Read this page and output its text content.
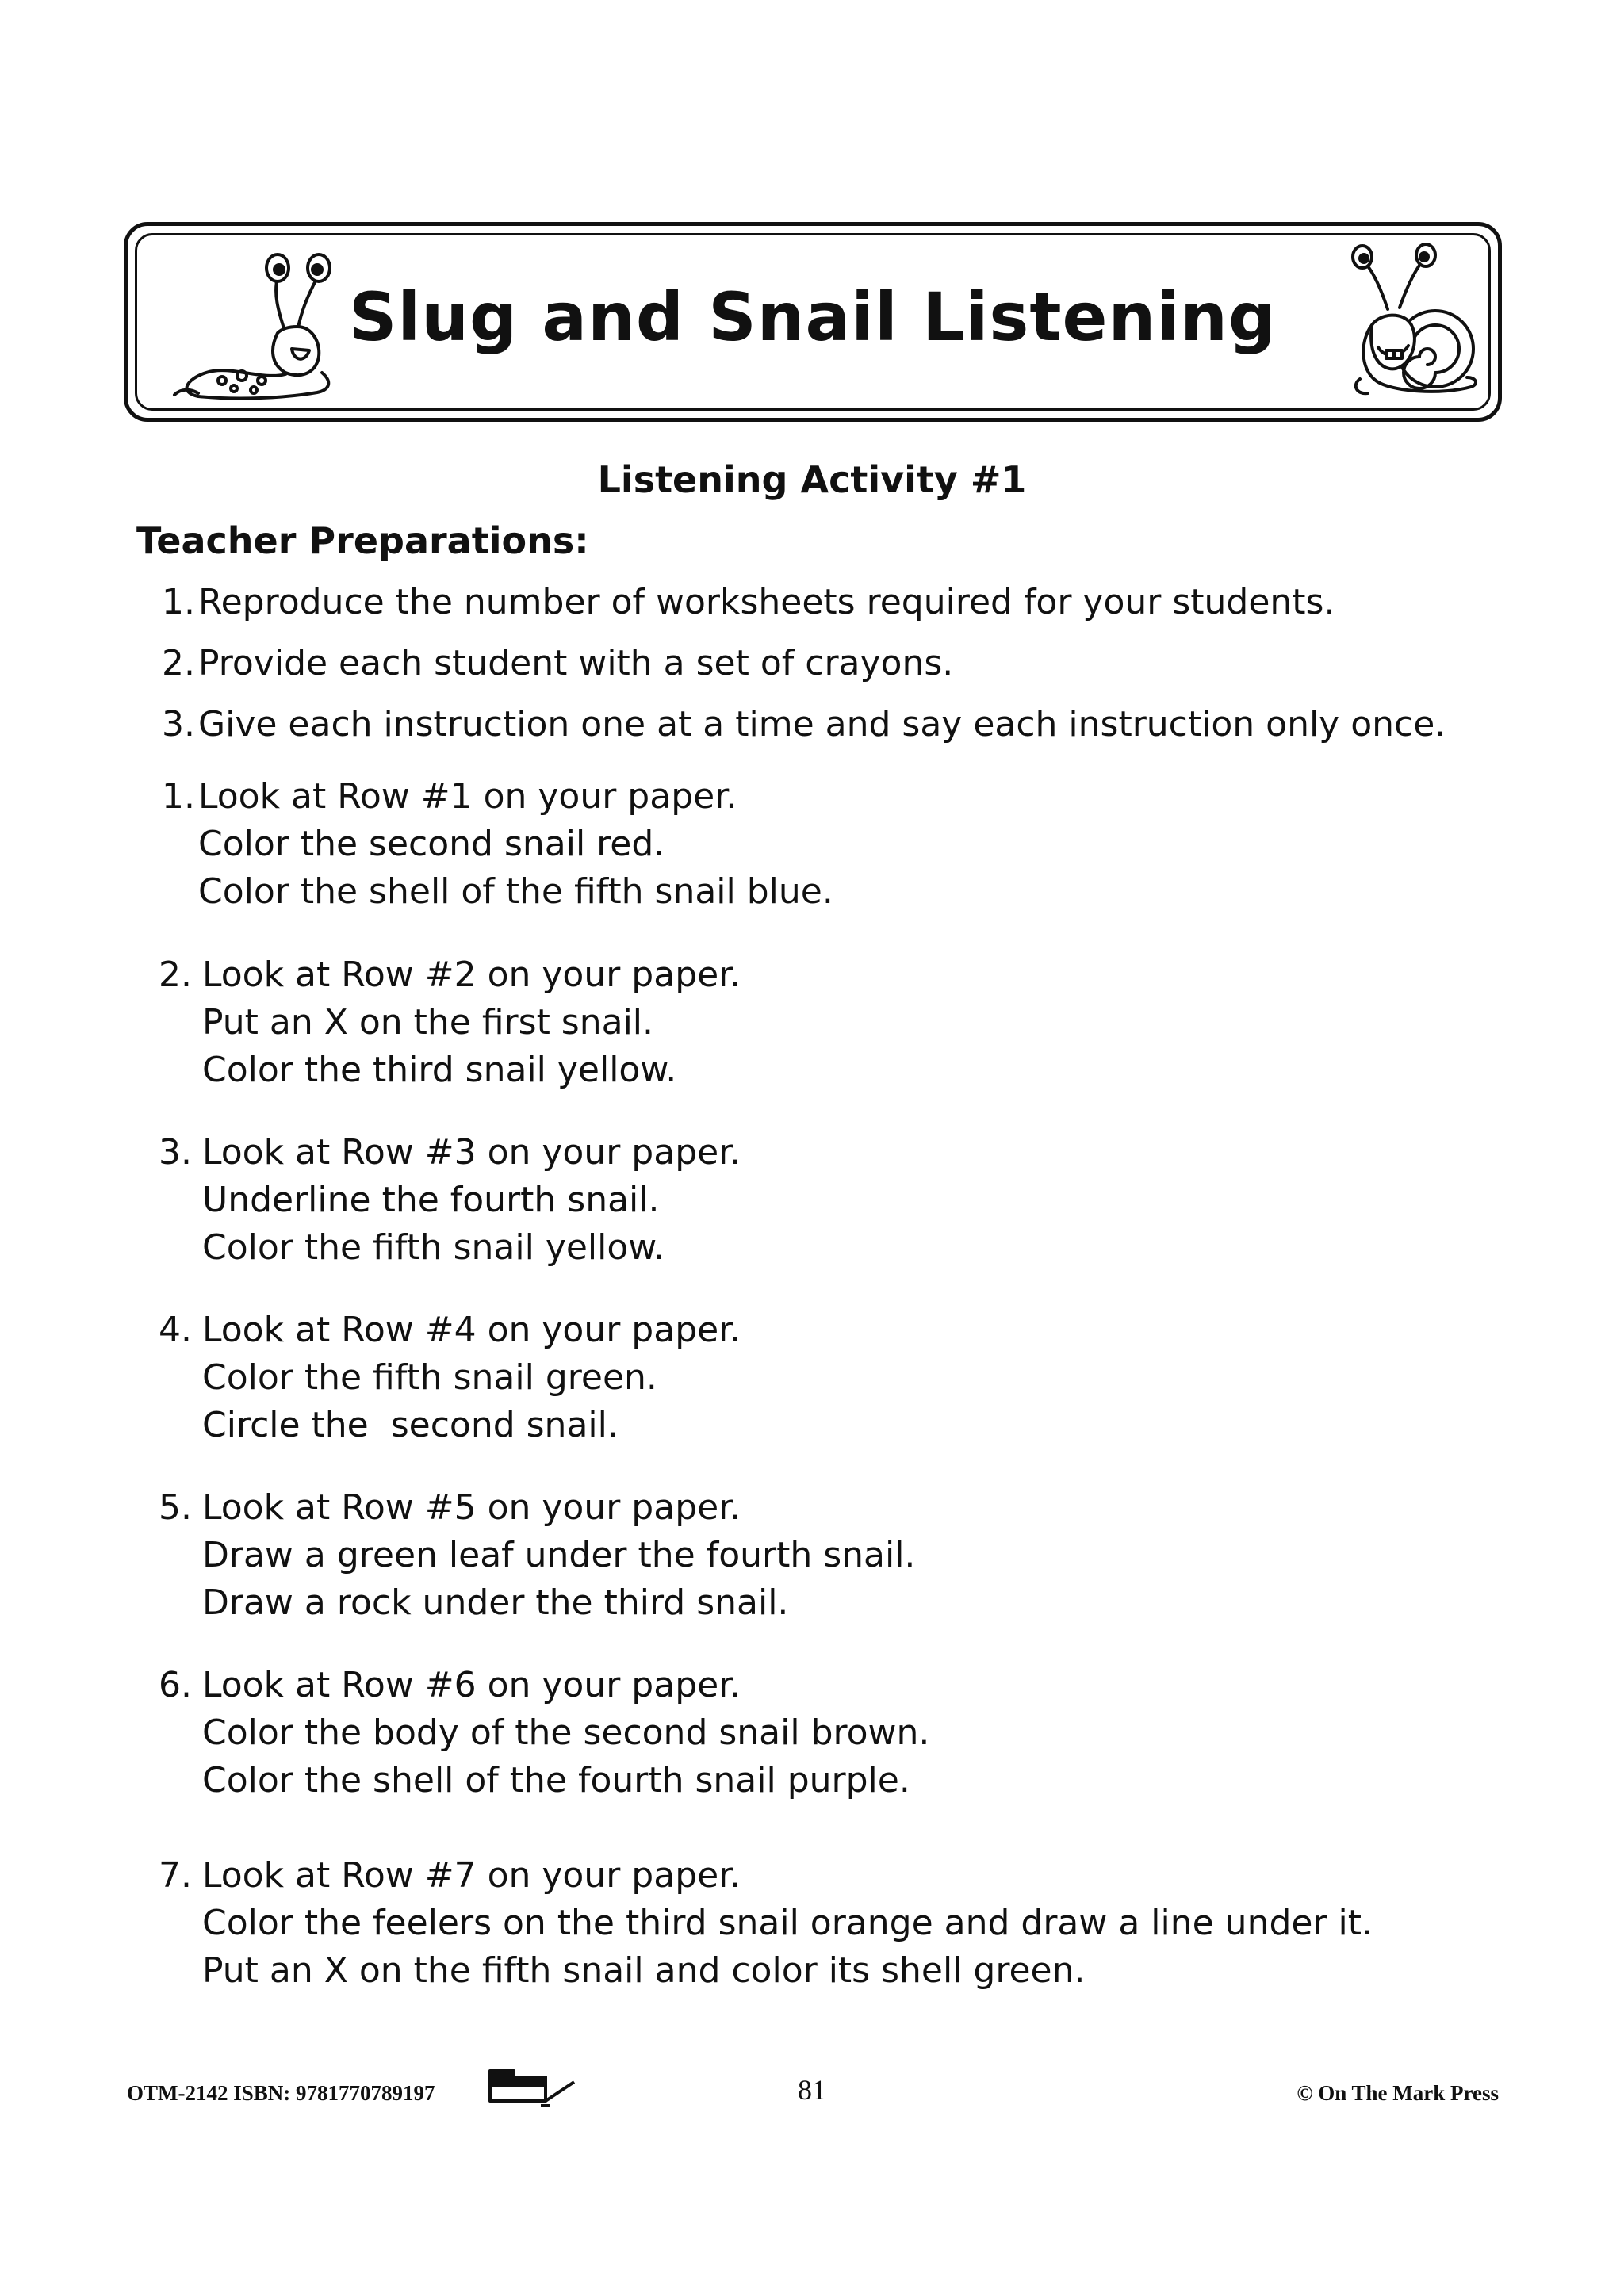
Slug and Snail Listening
Listening Activity #1
Teacher Preparations:
1. Reproduce the number of worksheets required for your students.
2. Provide each student with a set of crayons.
3. Give each instruction one at a time and say each instruction only once.
1. Look at Row #1 on your paper.
Color the second snail red.
Color the shell of the fifth snail blue.
2. Look at Row #2 on your paper.
Put an X on the first snail.
Color the third snail yellow.
3. Look at Row #3 on your paper.
Underline the fourth snail.
Color the fifth snail yellow.
4. Look at Row #4 on your paper.
Color the fifth snail green.
Circle the  second snail.
5. Look at Row #5 on your paper.
Draw a green leaf under the fourth snail.
Draw a rock under the third snail.
6. Look at Row #6 on your paper.
Color the body of the second snail brown.
Color the shell of the fourth snail purple.
7. Look at Row #7 on your paper.
Color the feelers on the third snail orange and draw a line under it.
Put an X on the fifth snail and color its shell green.
OTM-2142 ISBN: 9781770789197	81	© On The Mark Press
